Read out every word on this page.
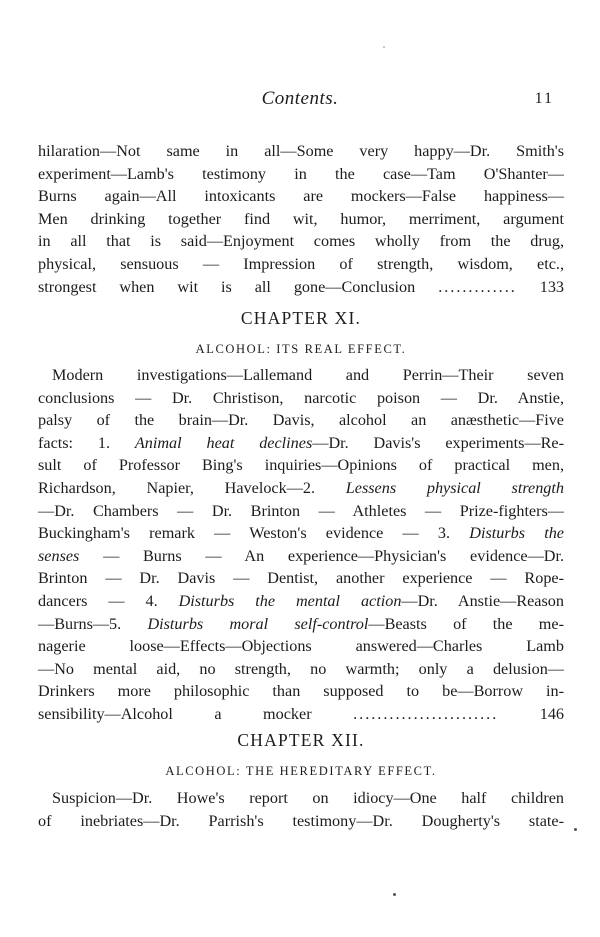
Contents.	11
hilaration—Not same in all—Some very happy—Dr. Smith's
experiment—Lamb's testimony in the case—Tam O'Shanter—
Burns again—All intoxicants are mockers—False happiness—
Men drinking together find wit, humor, merriment, argument
in all that is said—Enjoyment comes wholly from the drug,
physical, sensuous — Impression of strength, wisdom, etc.,
strongest when wit is all gone—Conclusion ............. 133
CHAPTER XI.
ALCOHOL: ITS REAL EFFECT.
Modern investigations—Lallemand and Perrin—Their seven
conclusions — Dr. Christison, narcotic poison — Dr. Anstie,
palsy of the brain—Dr. Davis, alcohol an anæsthetic—Five
facts: 1. Animal heat declines—Dr. Davis's experiments—Re-
sult of Professor Bing's inquiries—Opinions of practical men,
Richardson, Napier, Havelock—2. Lessens physical strength
—Dr. Chambers — Dr. Brinton — Athletes — Prize-fighters—
Buckingham's remark — Weston's evidence — 3. Disturbs the
senses — Burns — An experience—Physician's evidence—Dr.
Brinton — Dr. Davis — Dentist, another experience — Rope-
dancers — 4. Disturbs the mental action—Dr. Anstie—Reason
—Burns—5. Disturbs moral self-control—Beasts of the me-
nagerie loose—Effects—Objections answered—Charles Lamb
—No mental aid, no strength, no warmth; only a delusion—
Drinkers more philosophic than supposed to be—Borrow in-
sensibility—Alcohol a mocker	........................	146
CHAPTER XII.
ALCOHOL: THE HEREDITARY EFFECT.
Suspicion—Dr. Howe's report on idiocy—One half children
of inebriates—Dr. Parrish's testimony—Dr. Dougherty's state-
